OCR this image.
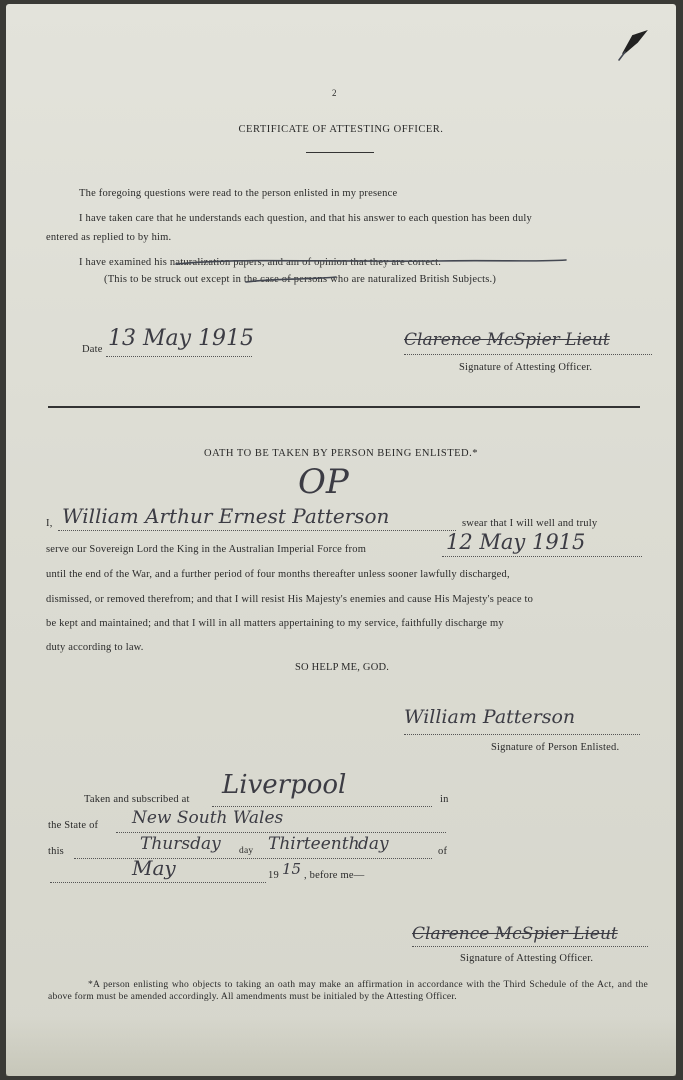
2
CERTIFICATE OF ATTESTING OFFICER.
The foregoing questions were read to the person enlisted in my presence
I have taken care that he understands each question, and that his answer to each question has been duly
entered as replied to by him.
I have examined his naturalization papers, and am of opinion that they are correct.
(This to be struck out except in the case of persons who are naturalized British Subjects.)
Date 13 May 1915	Clarence McSpier Lieut
Signature of Attesting Officer.
OATH TO BE TAKEN BY PERSON BEING ENLISTED.*
OP
I, William Arthur Ernest Patterson	swear that I will well and truly
serve our Sovereign Lord the King in the Australian Imperial Force from	12 May 1915
until the end of the War, and a further period of four months thereafter unless sooner lawfully discharged,
dismissed, or removed therefrom; and that I will resist His Majesty's enemies and cause His Majesty's peace to
be kept and maintained; and that I will in all matters appertaining to my service, faithfully discharge my
duty according to law.
SO HELP ME, GOD.
William Patterson
Signature of Person Enlisted.
Taken and subscribed at Liverpool	in
the State of New South Wales
this	Thursday day Thirteenth
day	of
May	19 15 , before me—
Clarence McSpier Lieut
Signature of Attesting Officer.
*A person enlisting who objects to taking an oath may make an affirmation in accordance with the Third Schedule of the Act, and the above form must be amended accordingly. All amendments must be initialed by the Attesting Officer.
